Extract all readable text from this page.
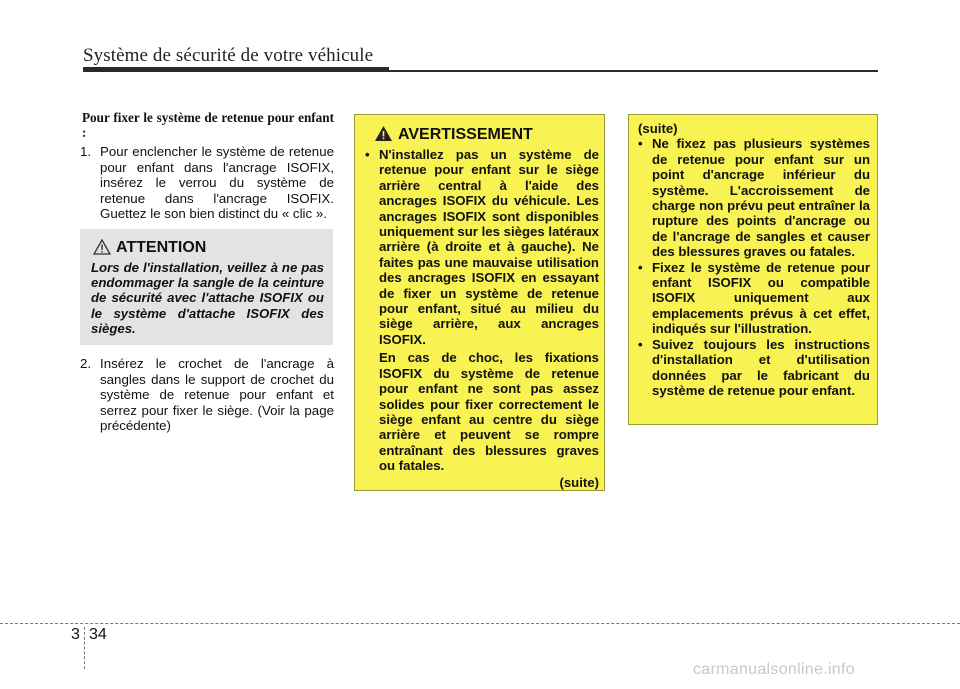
Système de sécurité de votre véhicule
Pour fixer le système de retenue pour enfant :
1. Pour enclencher le système de retenue pour enfant dans l'ancrage ISOFIX, insérez le verrou du système de retenue dans l'ancrage ISOFIX. Guettez le son bien distinct du « clic ».
ATTENTION
Lors de l'installation, veillez à ne pas endommager la sangle de la ceinture de sécurité avec l'attache ISOFIX ou le système d'attache ISOFIX des sièges.
2. Insérez le crochet de l'ancrage à sangles dans le support de crochet du système de retenue pour enfant et serrez pour fixer le siège. (Voir la page précédente)
AVERTISSEMENT
• N'installez pas un système de retenue pour enfant sur le siège arrière central à l'aide des ancrages ISOFIX du véhicule. Les ancrages ISOFIX sont disponibles uniquement sur les sièges latéraux arrière (à droite et à gauche). Ne faites pas une mauvaise utilisation des ancrages ISOFIX en essayant de fixer un système de retenue pour enfant, situé au milieu du siège arrière, aux ancrages ISOFIX.
En cas de choc, les fixations ISOFIX du système de retenue pour enfant ne sont pas assez solides pour fixer correctement le siège enfant au centre du siège arrière et peuvent se rompre entraînant des blessures graves ou fatales.
(suite)
(suite)
• Ne fixez pas plusieurs systèmes de retenue pour enfant sur un point d'ancrage inférieur du système. L'accroissement de charge non prévu peut entraîner la rupture des points d'ancrage ou de l'ancrage de sangles et causer des blessures graves ou fatales.
• Fixez le système de retenue pour enfant ISOFIX ou compatible ISOFIX uniquement aux emplacements prévus à cet effet, indiqués sur l'illustration.
• Suivez toujours les instructions d'installation et d'utilisation données par le fabricant du système de retenue pour enfant.
3 34
carmanualsonline.info
